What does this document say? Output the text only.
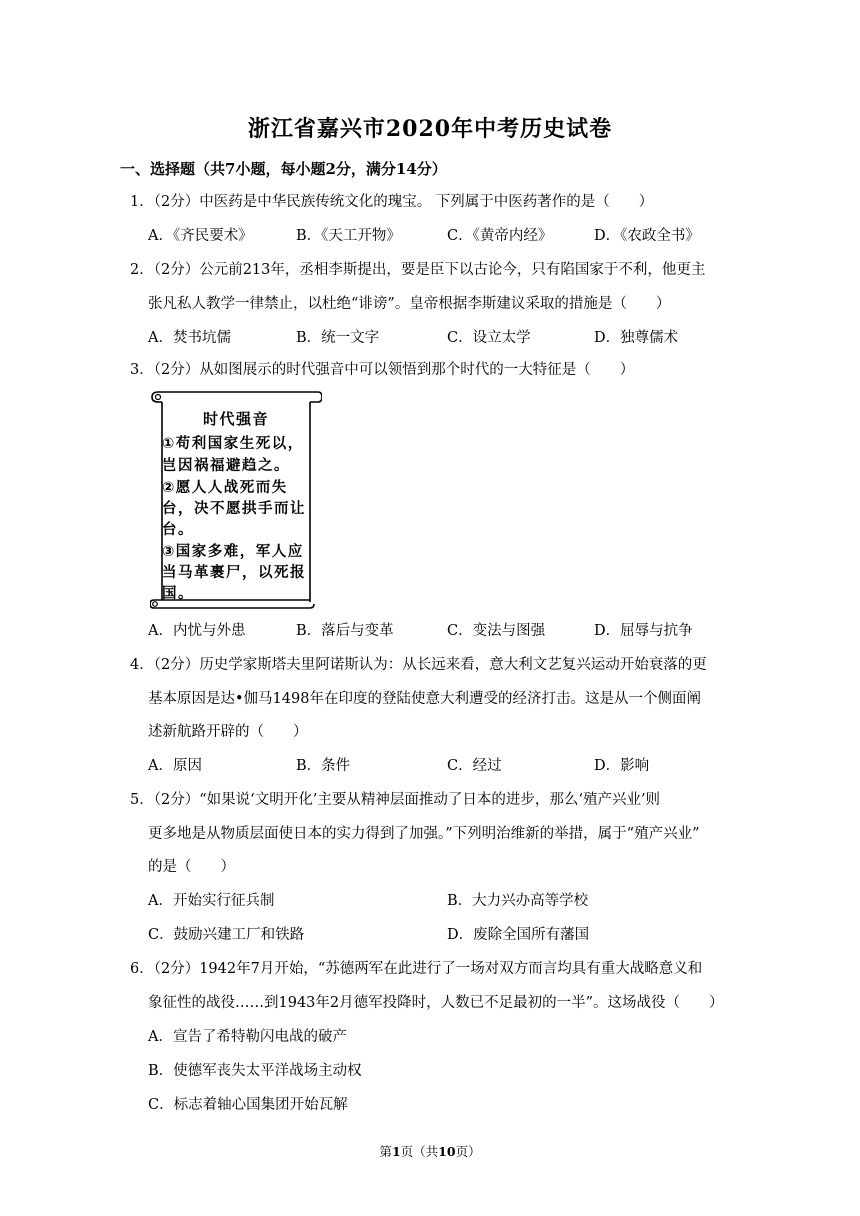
浙江省嘉兴市2020年中考历史试卷
一、选择题（共7小题，每小题2分，满分14分）
1．（2分）中医药是中华民族传统文化的瑰宝。 下列属于中医药著作的是（　　）
A．《齐民要术》	B．《天工开物》	C．《黄帝内经》	D．《农政全书》
2．（2分）公元前213年，丞相李斯提出，要是臣下以古论今，只有陷国家于不利，他更主
张凡私人教学一律禁止，以杜绝“诽谤”。皇帝根据李斯建议采取的措施是（　　）
A．焚书坑儒	B．统一文字	C．设立太学	D．独尊儒术
3．（2分）从如图展示的时代强音中可以领悟到那个时代的一大特征是（　　）
时代强音
①苟利国家生死以，
岂因祸福避趋之。
②愿人人战死而失
台，决不愿拱手而让
台。
③国家多难，军人应
当马革裹尸，以死报
国。
A．内忧与外患	B．落后与变革	C．变法与图强	D．屈辱与抗争
4．（2分）历史学家斯塔夫里阿诺斯认为：从长远来看，意大利文艺复兴运动开始衰落的更
基本原因是达•伽马1498年在印度的登陆使意大利遭受的经济打击。这是从一个侧面阐
述新航路开辟的（　　）
A．原因	B．条件	C．经过	D．影响
5．（2分）“如果说‘文明开化’主要从精神层面推动了日本的进步，那么‘殖产兴业’则
更多地是从物质层面使日本的实力得到了加强。”下列明治维新的举措，属于“殖产兴业”
的是（　　）
A．开始实行征兵制	B．大力兴办高等学校
C．鼓励兴建工厂和铁路	D．废除全国所有藩国
6．（2分）1942年7月开始，“苏德两军在此进行了一场对双方而言均具有重大战略意义和
象征性的战役……到1943年2月德军投降时，人数已不足最初的一半”。这场战役（　　）
A．宣告了希特勒闪电战的破产
B．使德军丧失太平洋战场主动权
C．标志着轴心国集团开始瓦解
第1页（共10页）
